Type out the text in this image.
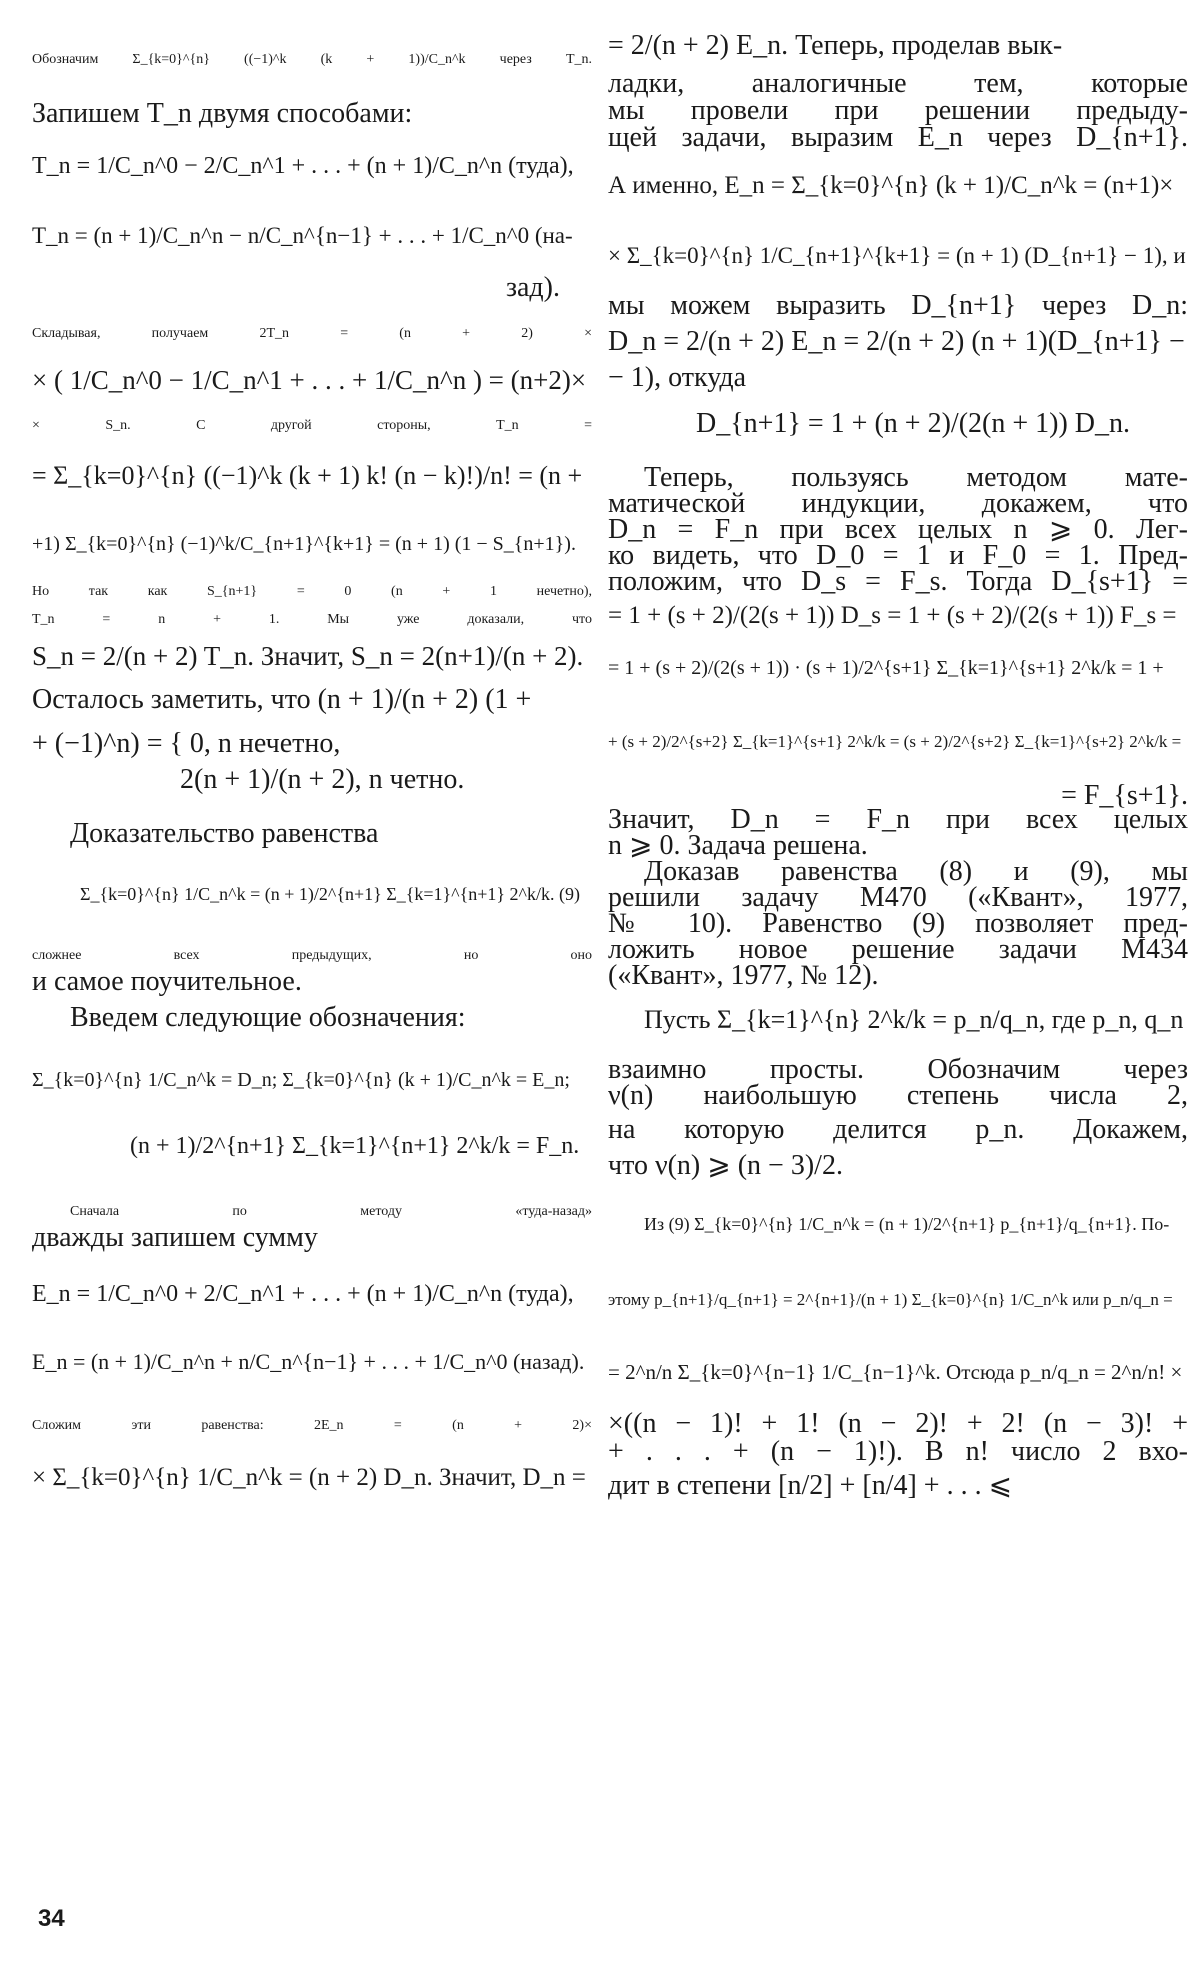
Обозначим Σ_{k=0}^{n} ((−1)^k (k + 1))/C_n^k через T_n.
Запишем T_n двумя способами:
T_n = 1/C_n^0 − 2/C_n^1 + . . . + (n + 1)/C_n^n (туда),
T_n = (n + 1)/C_n^n − n/C_n^{n−1} + . . . + 1/C_n^0 (на-
зад).
Складывая, получаем 2T_n = (n + 2) ×
× ( 1/C_n^0 − 1/C_n^1 + . . . + 1/C_n^n ) = (n+2)×
× S_n. С другой стороны, T_n =
= Σ_{k=0}^{n} ((−1)^k (k + 1) k! (n − k)!)/n! = (n +
+1) Σ_{k=0}^{n} (−1)^k/C_{n+1}^{k+1} = (n + 1) (1 − S_{n+1}).
Но так как S_{n+1} = 0 (n + 1 нечетно),
T_n = n + 1. Мы уже доказали, что
S_n = 2/(n + 2) T_n. Значит, S_n = 2(n+1)/(n + 2).
Осталось заметить, что (n + 1)/(n + 2) (1 +
+ (−1)^n) = { 0, n нечетно,
2(n + 1)/(n + 2), n четно.
Доказательство равенства
Σ_{k=0}^{n} 1/C_n^k = (n + 1)/2^{n+1} Σ_{k=1}^{n+1} 2^k/k. (9)
сложнее всех предыдущих, но оно
и самое поучительное.
Введем следующие обозначения:
Σ_{k=0}^{n} 1/C_n^k = D_n; Σ_{k=0}^{n} (k + 1)/C_n^k = E_n;
(n + 1)/2^{n+1} Σ_{k=1}^{n+1} 2^k/k = F_n.
Сначала по методу «туда-назад»
дважды запишем сумму
E_n = 1/C_n^0 + 2/C_n^1 + . . . + (n + 1)/C_n^n (туда),
E_n = (n + 1)/C_n^n + n/C_n^{n−1} + . . . + 1/C_n^0 (назад).
Сложим эти равенства: 2E_n = (n + 2)×
× Σ_{k=0}^{n} 1/C_n^k = (n + 2) D_n. Значит, D_n =
= 2/(n + 2) E_n. Теперь, проделав вык-
ладки, аналогичные тем, которые
мы провели при решении предыду-
щей задачи, выразим E_n через D_{n+1}.
А именно, E_n = Σ_{k=0}^{n} (k + 1)/C_n^k = (n+1)×
× Σ_{k=0}^{n} 1/C_{n+1}^{k+1} = (n + 1) (D_{n+1} − 1), и
мы можем выразить D_{n+1} через D_n:
D_n = 2/(n + 2) E_n = 2/(n + 2) (n + 1)(D_{n+1} −
− 1), откуда
D_{n+1} = 1 + (n + 2)/(2(n + 1)) D_n.
Теперь, пользуясь методом мате-
матической индукции, докажем, что
D_n = F_n при всех целых n ⩾ 0. Лег-
ко видеть, что D_0 = 1 и F_0 = 1. Пред-
положим, что D_s = F_s. Тогда D_{s+1} =
= 1 + (s + 2)/(2(s + 1)) D_s = 1 + (s + 2)/(2(s + 1)) F_s =
= 1 + (s + 2)/(2(s + 1)) · (s + 1)/2^{s+1} Σ_{k=1}^{s+1} 2^k/k = 1 +
+ (s + 2)/2^{s+2} Σ_{k=1}^{s+1} 2^k/k = (s + 2)/2^{s+2} Σ_{k=1}^{s+2} 2^k/k =
= F_{s+1}.
Значит, D_n = F_n при всех целых
n ⩾ 0. Задача решена.
Доказав равенства (8) и (9), мы
решили задачу М470 («Квант», 1977,
№ 10). Равенство (9) позволяет пред-
ложить новое решение задачи М434
(«Квант», 1977, № 12).
Пусть Σ_{k=1}^{n} 2^k/k = p_n/q_n, где p_n, q_n
взаимно просты. Обозначим через
ν(n) наибольшую степень числа 2,
на которую делится p_n. Докажем,
что ν(n) ⩾ (n − 3)/2.
Из (9) Σ_{k=0}^{n} 1/C_n^k = (n + 1)/2^{n+1} p_{n+1}/q_{n+1}. По-
этому p_{n+1}/q_{n+1} = 2^{n+1}/(n + 1) Σ_{k=0}^{n} 1/C_n^k или p_n/q_n =
= 2^n/n Σ_{k=0}^{n−1} 1/C_{n−1}^k. Отсюда p_n/q_n = 2^n/n! ×
×((n − 1)! + 1! (n − 2)! + 2! (n − 3)! +
+ . . . + (n − 1)!). В n! число 2 вхо-
дит в степени [n/2] + [n/4] + . . . ⩽
34
